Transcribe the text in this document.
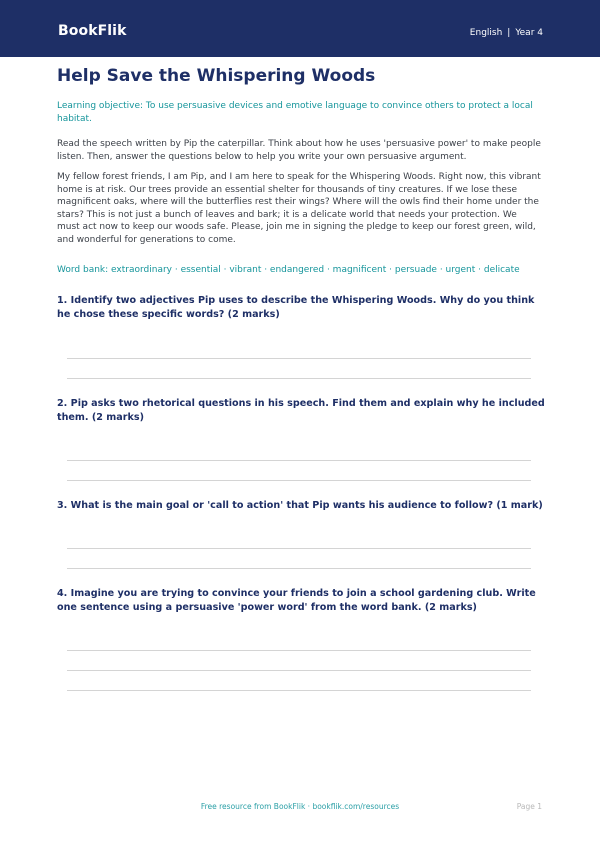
BookFlik	English | Year 4
Help Save the Whispering Woods

Learning objective: To use persuasive devices and emotive language to convince others to protect a local habitat.

Read the speech written by Pip the caterpillar. Think about how he uses 'persuasive power' to make people listen. Then, answer the questions below to help you write your own persuasive argument.

My fellow forest friends, I am Pip, and I am here to speak for the Whispering Woods. Right now, this vibrant home is at risk. Our trees provide an essential shelter for thousands of tiny creatures. If we lose these magnificent oaks, where will the butterflies rest their wings? Where will the owls find their home under the stars? This is not just a bunch of leaves and bark; it is a delicate world that needs your protection. We must act now to keep our woods safe. Please, join me in signing the pledge to keep our forest green, wild, and wonderful for generations to come.

Word bank: extraordinary · essential · vibrant · endangered · magnificent · persuade · urgent · delicate

1. Identify two adjectives Pip uses to describe the Whispering Woods. Why do you think he chose these specific words? (2 marks)

2. Pip asks two rhetorical questions in his speech. Find them and explain why he included them. (2 marks)

3. What is the main goal or 'call to action' that Pip wants his audience to follow? (1 mark)

4. Imagine you are trying to convince your friends to join a school gardening club. Write one sentence using a persuasive 'power word' from the word bank. (2 marks)

Free resource from BookFlik · bookflik.com/resources	Page 1
